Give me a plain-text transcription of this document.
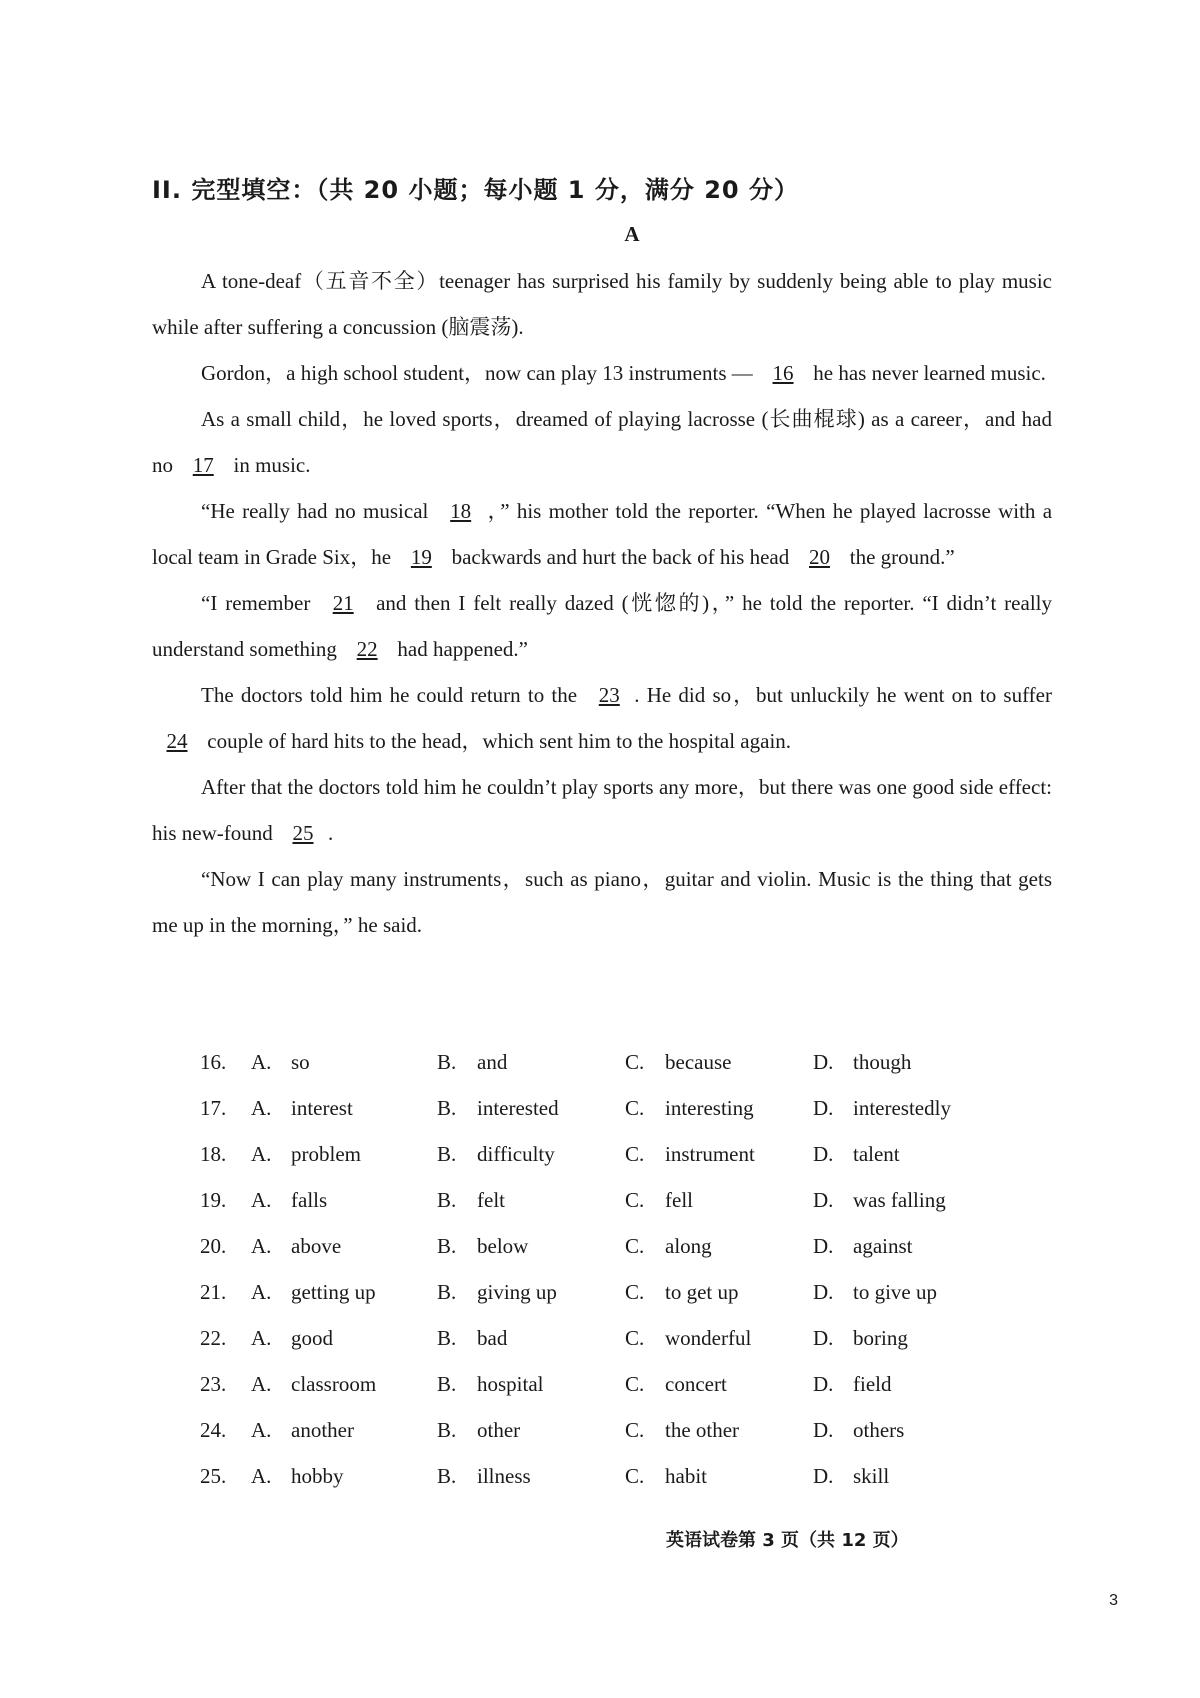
II. 完型填空：（共 20 小题；每小题 1 分，满分 20 分）
A

A tone-deaf（五音不全）teenager has surprised his family by suddenly being able to play music while after suffering a concussion (脑震荡).

Gordon，a high school student，now can play 13 instruments — 16 he has never learned music.

As a small child，he loved sports，dreamed of playing lacrosse (长曲棍球) as a career，and had no 17 in music.

“He really had no musical 18 ，” his mother told the reporter. “When he played lacrosse with a local team in Grade Six，he 19 backwards and hurt the back of his head 20 the ground.”

“I remember 21 and then I felt really dazed (恍惚的)，” he told the reporter. “I didn’t really understand something 22 had happened.”

The doctors told him he could return to the 23 . He did so，but unluckily he went on to suffer 24 couple of hard hits to the head，which sent him to the hospital again.

After that the doctors told him he couldn’t play sports any more，but there was one good side effect: his new-found 25 .

“Now I can play many instruments，such as piano，guitar and violin. Music is the thing that gets me up in the morning，” he said.

16.	A. so	B. and	C. because	D. though
17.	A. interest	B. interested	C. interesting	D. interestedly
18.	A. problem	B. difficulty	C. instrument	D. talent
19.	A. falls	B. felt	C. fell	D. was falling
20.	A. above	B. below	C. along	D. against
21.	A. getting up	B. giving up	C. to get up	D. to give up
22.	A. good	B. bad	C. wonderful	D. boring
23.	A. classroom	B. hospital	C. concert	D. field
24.	A. another	B. other	C. the other	D. others
25.	A. hobby	B. illness	C. habit	D. skill
英语试卷第 3 页（共 12 页）
3
